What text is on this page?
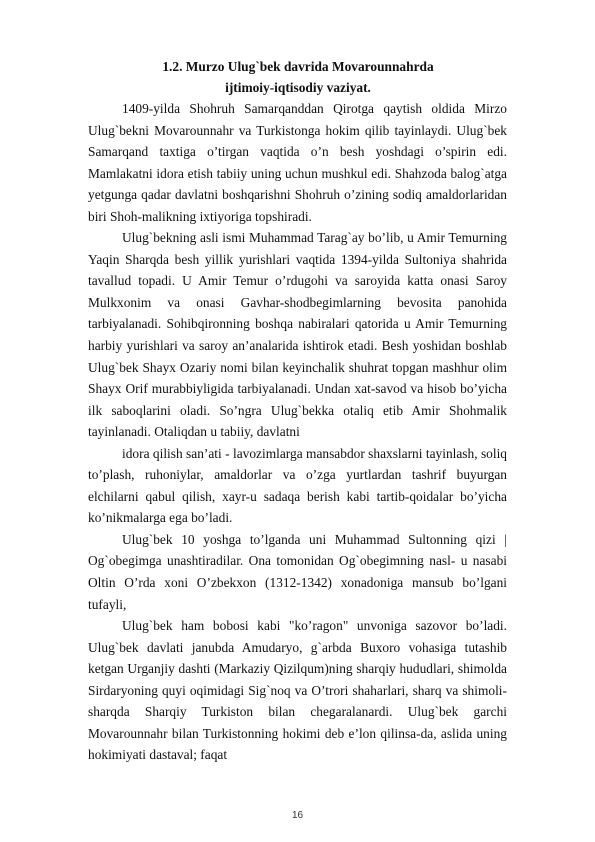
1.2. Murzo Ulug`bek davrida Movarounnahrda
ijtimoiy-iqtisodiy vaziyat.

1409-yilda Shohruh Samarqanddan Qirotga qaytish oldida Mirzo Ulug`bekni Movarounnahr va Turkistonga hokim qilib tayinlaydi. Ulug`bek Samarqand taxtiga o’tirgan vaqtida o’n besh yoshdagi o’spirin edi. Mamlakatni idora etish tabiiy uning uchun mushkul edi. Shahzoda balog`atga yetgunga qadar davlatni boshqarishni Shohruh o’zining sodiq amaldorlaridan biri Shoh-malikning ixtiyoriga topshiradi.

Ulug`bekning asli ismi Muhammad Tarag`ay bo’lib, u Amir Temurning Yaqin Sharqda besh yillik yurishlari vaqtida 1394-yilda Sultoniya shahrida tavallud topadi. U Amir Temur o’rdugohi va saroyida katta onasi Saroy Mulkxonim va onasi Gavhar-shodbegimlarning bevosita panohida tarbiyalanadi. Sohibqironning boshqa nabiralari qatorida u Amir Temurning harbiy yurishlari va saroy an’analarida ishtirok etadi. Besh yoshidan boshlab Ulug`bek Shayx Ozariy nomi bilan keyinchalik shuhrat topgan mashhur olim Shayx Orif murabbiyligida tarbiyalanadi. Undan xat-savod va hisob bo’yicha ilk saboqlarini oladi. So’ngra Ulug`bekka otaliq etib Amir Shohmalik tayinlanadi. Otaliqdan u tabiiy, davlatni

idora qilish san’ati - lavozimlarga mansabdor shaxslarni tayinlash, soliq to’plash, ruhoniylar, amaldorlar va o’zga yurtlardan tashrif buyurgan elchilarni qabul qilish, xayr-u sadaqa berish kabi tartib-qoidalar bo’yicha ko’nikmalarga ega bo’ladi.

Ulug`bek 10 yoshga to’lganda uni Muhammad Sultonning qizi | Og`obegimga unashtiradilar. Ona tomonidan Og`obegimning nasl- u nasabi Oltin O’rda xoni O’zbekxon (1312-1342) xonadoniga mansub bo’lgani tufayli,

Ulug`bek ham bobosi kabi "ko’ragon" unvoniga sazovor bo’ladi. Ulug`bek davlati janubda Amudaryo, g`arbda Buxoro vohasiga tutashib ketgan Urganjiy dashti (Markaziy Qizilqum)ning sharqiy hududlari, shimolda Sirdaryoning quyi oqimidagi Sig`noq va O’trori shaharlari, sharq va shimoli-sharqda Sharqiy Turkiston bilan chegaralanardi. Ulug`bek garchi Movarounnahr bilan Turkistonning hokimi deb e’lon qilinsa-da, aslida uning hokimiyati dastaval; faqat

16
